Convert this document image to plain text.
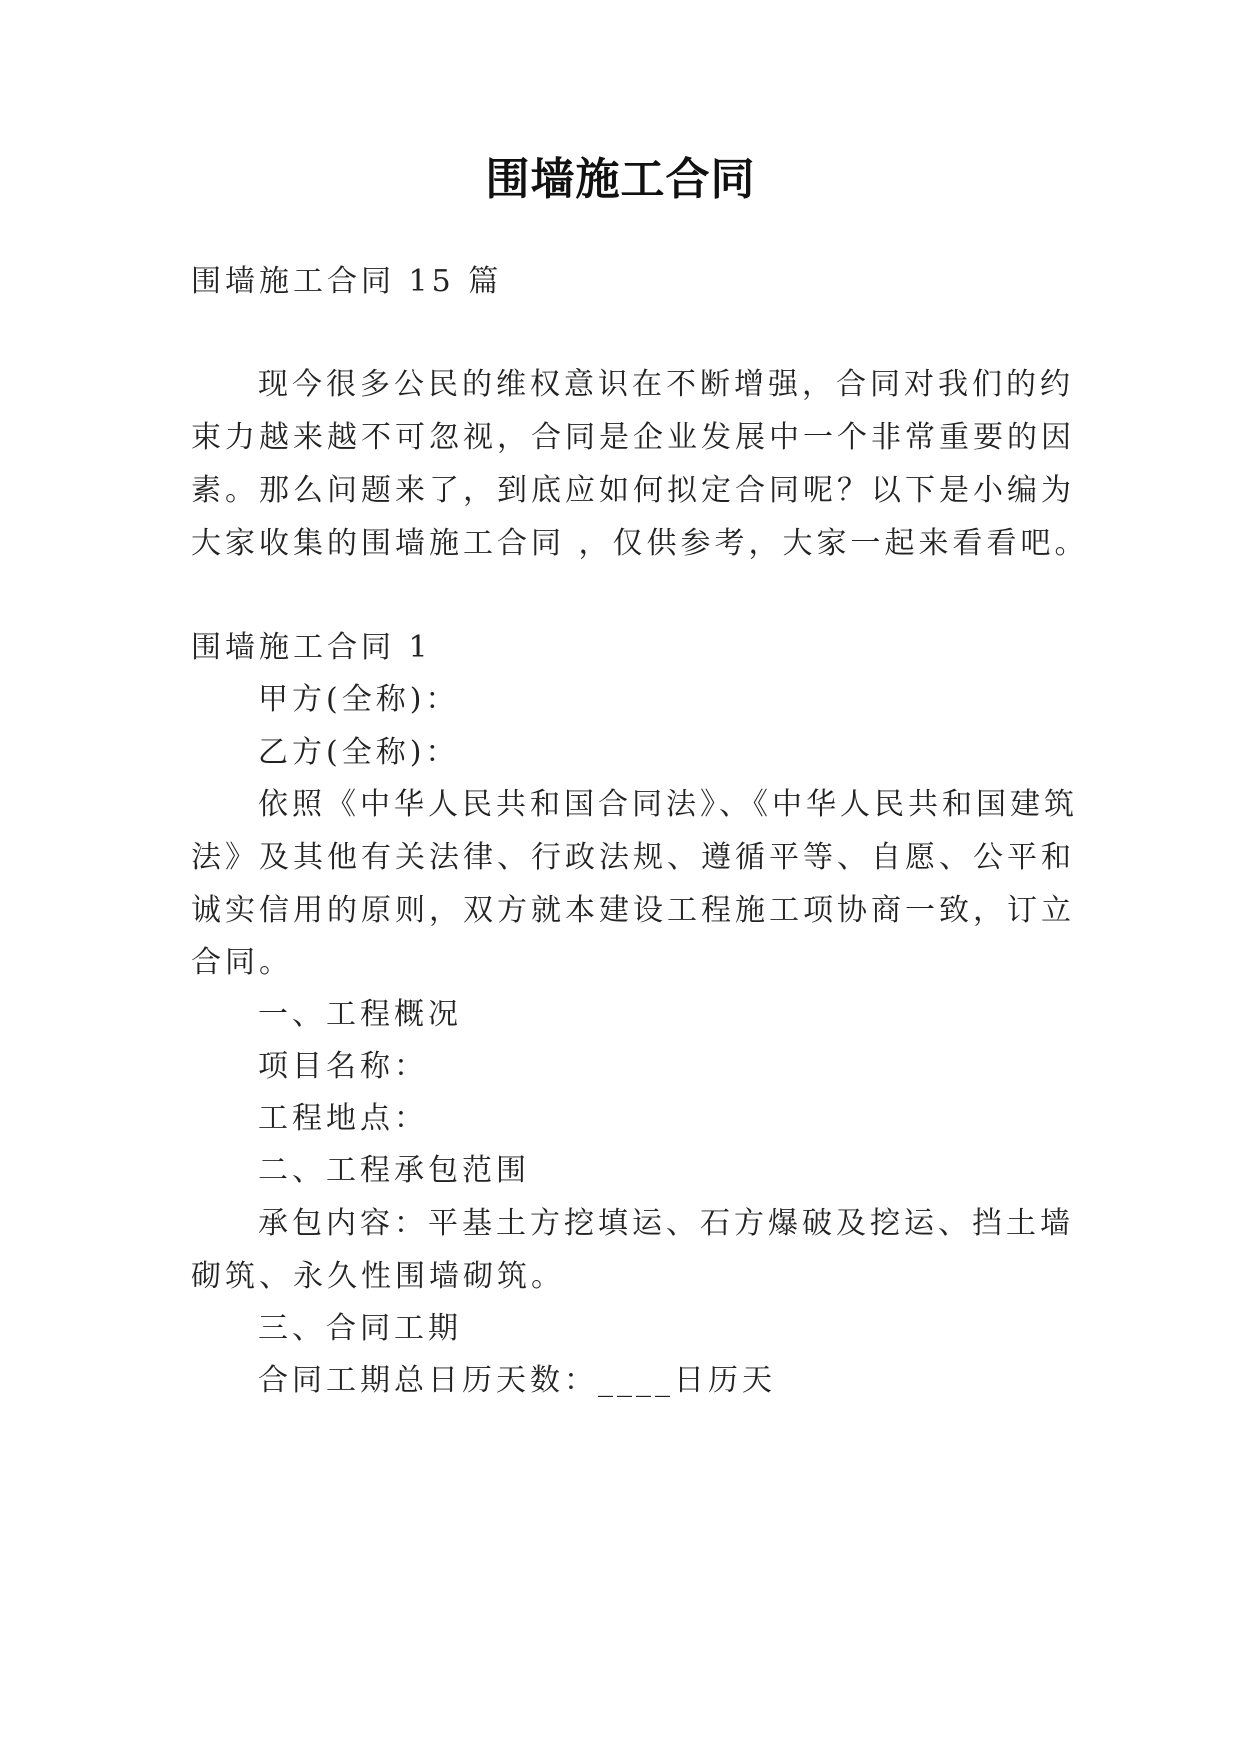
围墙施工合同
围墙施工合同 15 篇
现今很多公民的维权意识在不断增强，合同对我们的约
束力越来越不可忽视，合同是企业发展中一个非常重要的因
素。那么问题来了，到底应如何拟定合同呢？以下是小编为
大家收集的围墙施工合同 ，仅供参考，大家一起来看看吧。
围墙施工合同 1
甲方(全称)：
乙方(全称)：
依照《中华人民共和国合同法》、《中华人民共和国建筑
法》及其他有关法律、行政法规、遵循平等、自愿、公平和
诚实信用的原则，双方就本建设工程施工项协商一致，订立
合同。
一、工程概况
项目名称：
工程地点：
二、工程承包范围
承包内容：平基土方挖填运、石方爆破及挖运、挡土墙
砌筑、永久性围墙砌筑。
三、合同工期
合同工期总日历天数：____日历天
